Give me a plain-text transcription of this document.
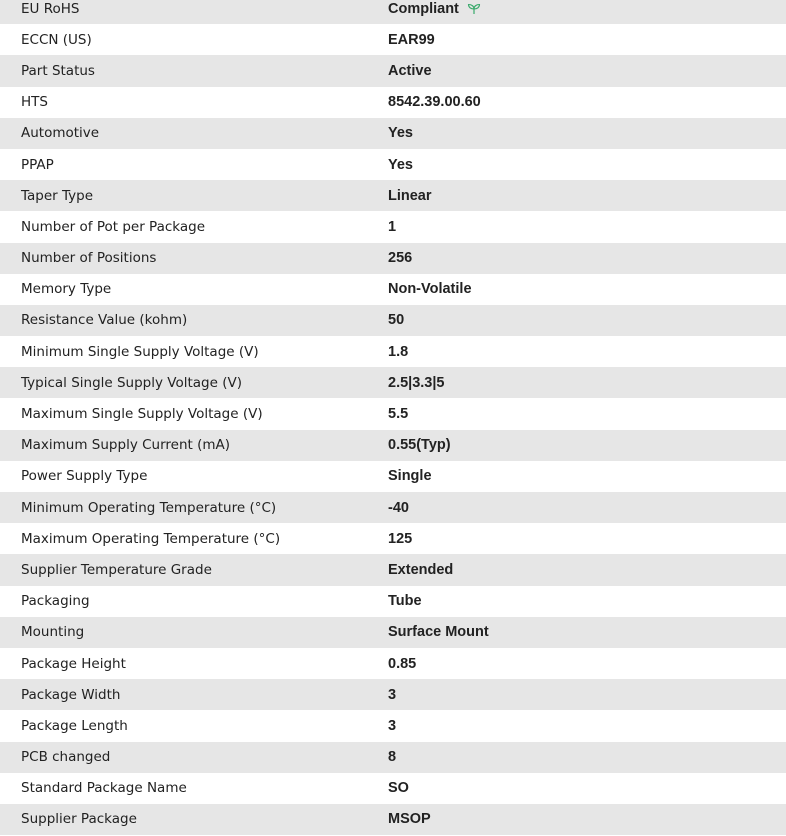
EU RoHS	Compliant
ECCN (US)	EAR99
Part Status	Active
HTS	8542.39.00.60
Automotive	Yes
PPAP	Yes
Taper Type	Linear
Number of Pot per Package	1
Number of Positions	256
Memory Type	Non-Volatile
Resistance Value (kohm)	50
Minimum Single Supply Voltage (V)	1.8
Typical Single Supply Voltage (V)	2.5|3.3|5
Maximum Single Supply Voltage (V)	5.5
Maximum Supply Current (mA)	0.55(Typ)
Power Supply Type	Single
Minimum Operating Temperature (°C)	-40
Maximum Operating Temperature (°C)	125
Supplier Temperature Grade	Extended
Packaging	Tube
Mounting	Surface Mount
Package Height	0.85
Package Width	3
Package Length	3
PCB changed	8
Standard Package Name	SO
Supplier Package	MSOP
